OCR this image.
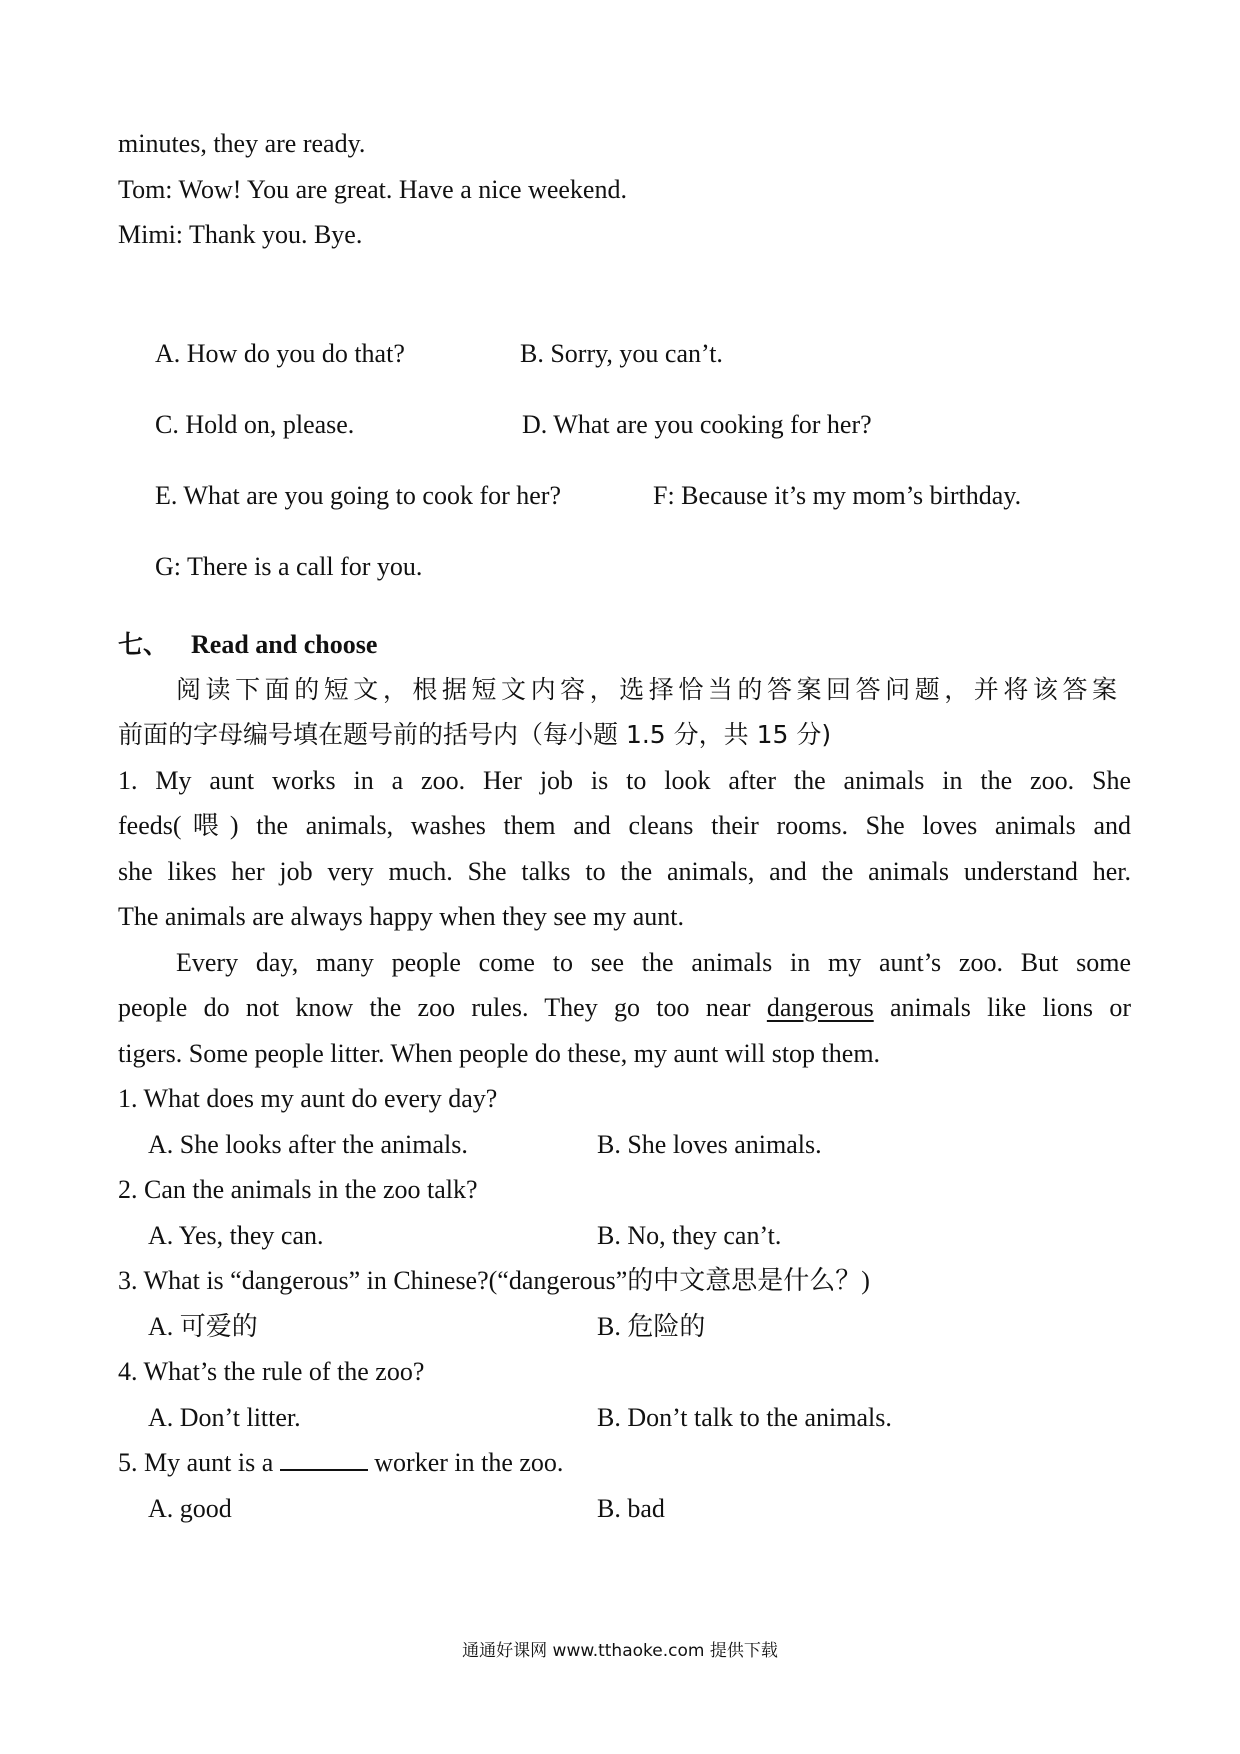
minutes, they are ready.
Tom: Wow! You are great. Have a nice weekend.
Mimi: Thank you. Bye.
A. How do you do that?	B. Sorry, you can’t.
C. Hold on, please.	D. What are you cooking for her?
E. What are you going to cook for her?	F: Because it’s my mom’s birthday.
G: There is a call for you.
七、 Read and choose
阅读下面的短文，根据短文内容，选择恰当的答案回答问题，并将该答案
前面的字母编号填在题号前的括号内（每小题 1.5 分，共 15 分)
1. My aunt works in a zoo. Her job is to look after the animals in the zoo. She
feeds(喂) the animals, washes them and cleans their rooms. She loves animals and
she likes her job very much. She talks to the animals, and the animals understand her.
The animals are always happy when they see my aunt.
Every day, many people come to see the animals in my aunt’s zoo. But some
people do not know the zoo rules. They go too near dangerous animals like lions or
tigers. Some people litter. When people do these, my aunt will stop them.
1. What does my aunt do every day?
A. She looks after the animals.	B. She loves animals.
2. Can the animals in the zoo talk?
A. Yes, they can.	B. No, they can’t.
3. What is “dangerous” in Chinese?(“dangerous”的中文意思是什么？)
A. 可爱的	B. 危险的
4. What’s the rule of the zoo?
A. Don’t litter.	B. Don’t talk to the animals.
5. My aunt is a	worker in the zoo.
A. good	B. bad
通通好课网 www.tthaoke.com 提供下载
